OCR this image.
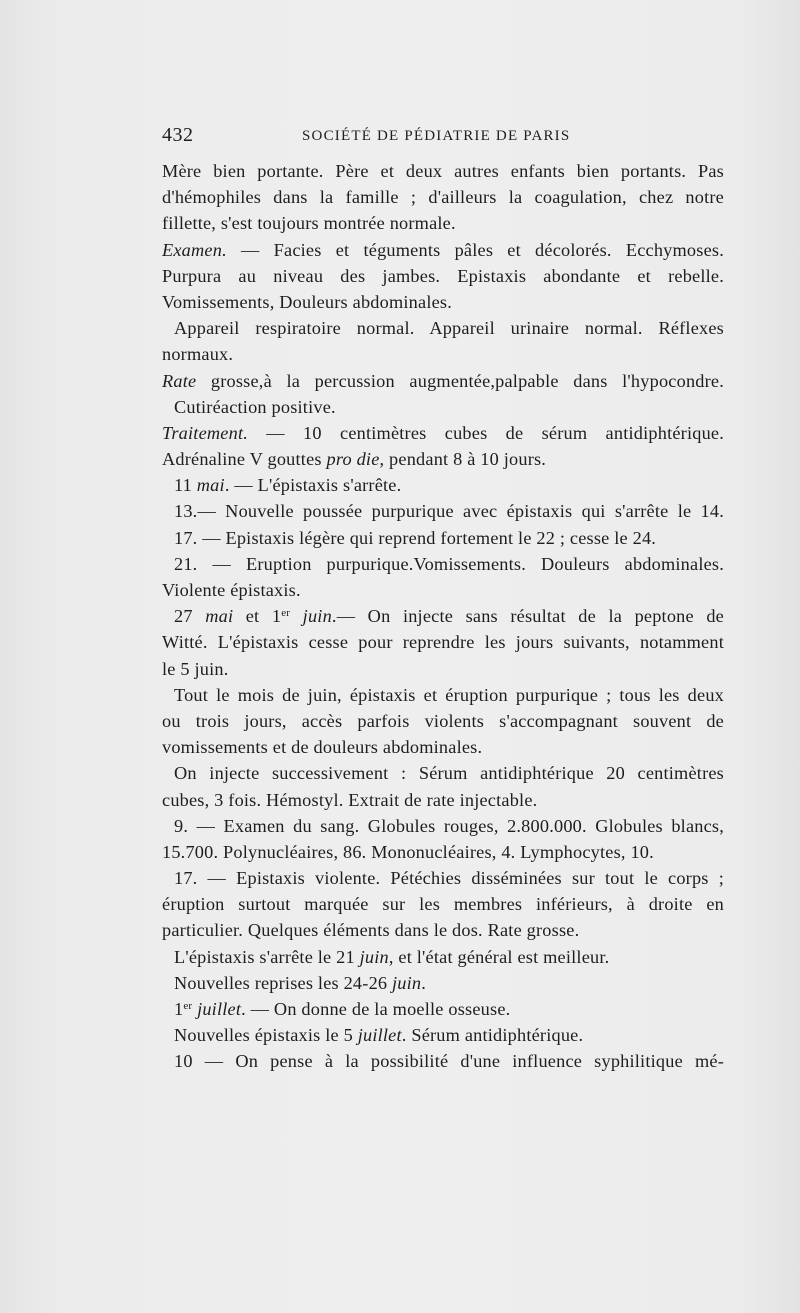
432	SOCIÉTÉ DE PÉDIATRIE DE PARIS
Mère bien portante. Père et deux autres enfants bien portants. Pas
d'hémophiles dans la famille ; d'ailleurs la coagulation, chez notre
fillette, s'est toujours montrée normale.
Examen. — Facies et téguments pâles et décolorés. Ecchymoses.
Purpura au niveau des jambes. Epistaxis abondante et rebelle.
Vomissements, Douleurs abdominales.
Appareil respiratoire normal. Appareil urinaire normal. Réflexes
normaux.
Rate grosse,à la percussion augmentée,palpable dans l'hypocondre.
Cutiréaction positive.
Traitement. — 10 centimètres cubes de sérum antidiphtérique.
Adrénaline V gouttes pro die, pendant 8 à 10 jours.
11 mai. — L'épistaxis s'arrête.
13.— Nouvelle poussée purpurique avec épistaxis qui s'arrête le 14.
17. — Epistaxis légère qui reprend fortement le 22 ; cesse le 24.
21. — Eruption purpurique.Vomissements. Douleurs abdominales.
Violente épistaxis.
27 mai et 1er juin.— On injecte sans résultat de la peptone de
Witté. L'épistaxis cesse pour reprendre les jours suivants, notamment
le 5 juin.
Tout le mois de juin, épistaxis et éruption purpurique ; tous les deux
ou trois jours, accès parfois violents s'accompagnant souvent de
vomissements et de douleurs abdominales.
On injecte successivement : Sérum antidiphtérique 20 centimètres
cubes, 3 fois. Hémostyl. Extrait de rate injectable.
9. — Examen du sang. Globules rouges, 2.800.000. Globules blancs,
15.700. Polynucléaires, 86. Mononucléaires, 4. Lymphocytes, 10.
17. — Epistaxis violente. Pétéchies disséminées sur tout le corps ;
éruption surtout marquée sur les membres inférieurs, à droite en
particulier. Quelques éléments dans le dos. Rate grosse.
L'épistaxis s'arrête le 21 juin, et l'état général est meilleur.
Nouvelles reprises les 24-26 juin.
1er juillet. — On donne de la moelle osseuse.
Nouvelles épistaxis le 5 juillet. Sérum antidiphtérique.
10 — On pense à la possibilité d'une influence syphilitique mé-
